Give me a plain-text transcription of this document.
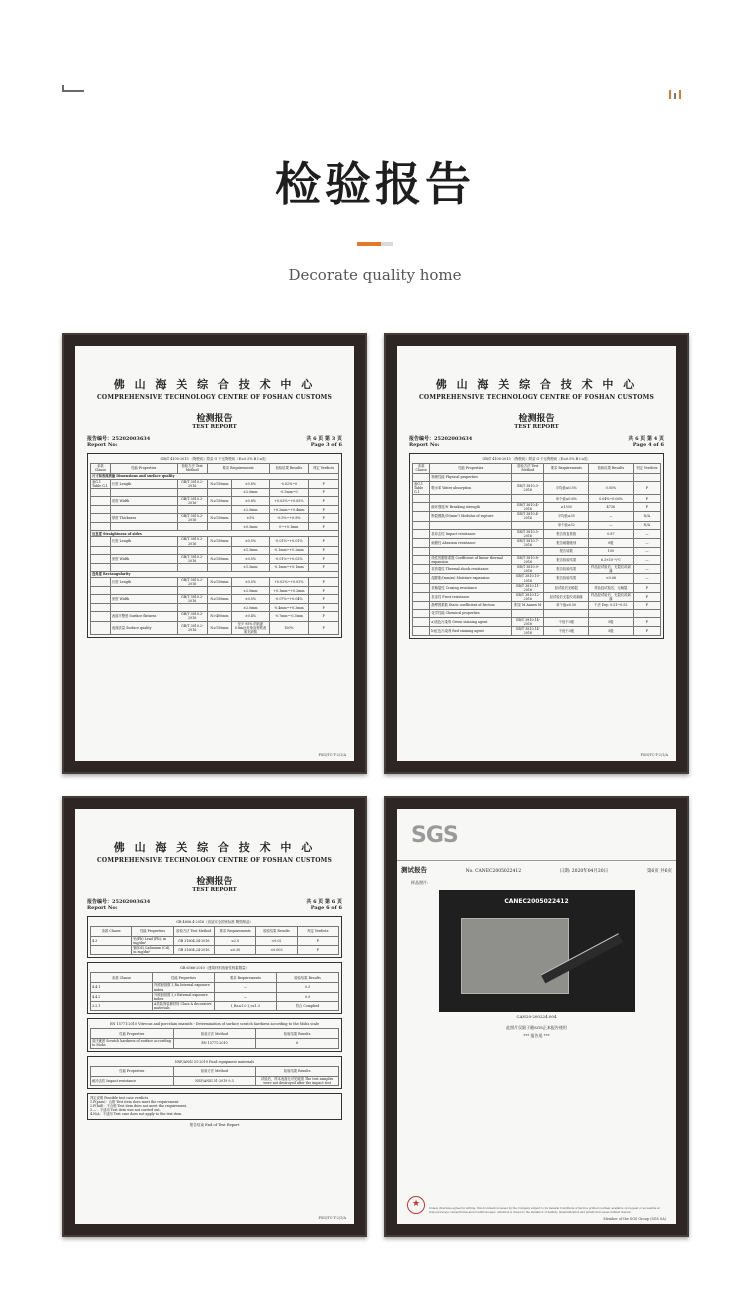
检验报告
Decorate quality home
佛 山 海 关 综 合 技 术 中 心
COMPREHENSIVE TECHNOLOGY CENTRE OF FOSHAN CUSTOMS
检测报告
TEST REPORT
报告编号：25202003634
Report No:
共 6 页 第 3 页
Page 3 of 6
GB/T 4100-2015 《陶瓷砖》附录 G 干压陶瓷砖（E≤0.5% B I a类）
条款 Clause	性能 Properties	检验方法 Test Method	要求 Requirements		检验结果 Results	判定 Verdicts
尺寸和表面质量 Dimensions and surface quality						
表G.1 Table G.1	长度 Length	GB/T 3810.2-2016	N≥150mm	±0.6%	-0.02%~0	P
				±2.0mm	-0.3mm~0	P
	宽度 Width	GB/T 3810.2-2016	N≥150mm	±0.6%	+0.03%~+0.05%	P
				±2.0mm	+0.2mm~+0.4mm	P
	厚度 Thickness	GB/T 3810.2-2016	N≥150mm	±5%	-0.5%~+0.8%	P
				±0.5mm	0~+0.1mm	P
边直度 Straightness of sides						
	长度 Length	GB/T 3810.2-2016	N≥150mm	±0.5%	-0.01%~+0.01%	P
				±1.5mm	-0.1mm~+0.2mm	P
	宽度 Width	GB/T 3810.2-2016	N≥150mm	±0.5%	-0.01%~+0.02%	P
				±1.5mm	-0.1mm~+0.1mm	P
直角度 Rectangularity						
	长度 Length	GB/T 3810.2-2016	N≥150mm	±0.5%	+0.02%~+0.03%	P
				±2.0mm	+0.1mm~+0.2mm	P
	宽度 Width	GB/T 3810.2-2016	N≥150mm	±0.5%	-0.07%~+0.04%	P
				±2.0mm	-0.4mm~+0.3mm	P
	表面平整度 Surface flatness	GB/T 3810.2-2016	N>400mm	±0.4%	-0.7mm~-0.3mm	P
	表面质量 Surface quality	GB/T 3810.2-2016	N≥150mm	至少 95% 的砖距0.8m远处垂直观察表面无缺陷	100%	P
FSIQTC-T-2/1/A
佛 山 海 关 综 合 技 术 中 心
COMPREHENSIVE TECHNOLOGY CENTRE OF FOSHAN CUSTOMS
检测报告
TEST REPORT
报告编号：25202003634
Report No:
共 6 页 第 4 页
Page 4 of 6
GB/T 4100-2015 《陶瓷砖》附录 G 干压陶瓷砖（E≤0.5% B I a类）
条款 Clause	性能 Properties	检验方法 Test Method	要求 Requirements	检验结果 Results	判定 Verdicts
	物理性能 Physical properties				
表G.1 Table G.1	吸水率 Water absorption	GB/T 3810.3-2016	平均值≤0.5%	0.05%	P
			单个值≤0.6%	0.04%~0.06%	P
	破坏强度/N Breaking strength	GB/T 3810.4-2016	≥1300	4736	P
	断裂模数/(N/mm²) Modulus of rupture	GB/T 3810.4-2016	平均值≥35	—	N/A
			单个值≥32	—	N/A
	抗冲击性 Impact resistance	GB/T 3810.5-2016	报告恢复系数	0.87	—
	耐磨性 Abrasion resistance	GB/T 3810.7-2016	报告耐磨级别	0级	—
			报告转数	100	—
	线性热膨胀系数 Coefficient of linear thermal expansion	GB/T 3810.8-2016	报告检验结果	6.3×10⁻⁶/℃	—
	抗热震性 Thermal shock resistance	GB/T 3810.9-2016	报告检验结果	样品经试验后，无裂纹或剥落	—
	湿膨胀/(mm/m) Moisture expansion	GB/T 3810.10-2016	报告检验结果	<0.06	—
	抗釉裂性 Crazing resistance	GB/T 3810.11-2016	经试验后无釉裂	样品经试验后，无釉裂	P
	抗冻性 Frost resistance	GB/T 3810.12-2016	经试验后无裂纹或剥落	样品经试验后，无裂纹或剥落	P
	静摩擦系数 Static coefficient of friction	附录 M Annex M	单个值≥0.50	干法 Dry: 0.51~0.52	P
	化学性能 Chemical properties				
	a)浅色污染剂 Green staining agent	GB/T 3810.14-2016	不低于3级	5级	P
	b)红色污染剂 Red staining agent	GB/T 3810.14-2016	不低于3级	5级	P
FSIQTC-T-2/1/A
佛 山 海 关 综 合 技 术 中 心
COMPREHENSIVE TECHNOLOGY CENTRE OF FOSHAN CUSTOMS
检测报告
TEST REPORT
报告编号：25202003634
Report No:
共 6 页 第 6 页
Page 6 of 6
GB 4806.4-2016《食品安全国家标准 陶瓷制品》
条款 Clause	性能 Properties	检验方法 Test Method	要求 Requirements	检验结果 Results	判定 Verdicts
4.3	铅(Pb) Lead (Pb), in mg/dm²	GB 31604.34-2016	≤2.0	<0.02	P
	镉(Cd) Cadmium (Cd), in mg/dm²	GB 31604.24-2016	≤0.30	<0.003	P
GB 6566-2010《建筑材料放射性核素限量》
条款 Clause	性能 Properties	要求 Requirements	检验结果 Results
4.4.1	内照射指数 I_Ra Internal exposure index	—	0.3
4.4.2	外照射指数 I_r External exposure index	—	0.9
3.2.1	A类装饰装修材料 Class A decorative materials	I_Ra≤1.0 I_r≤1.3	符合 Complied
EN 15771:2010 Vitreous and porcelain enamels - Determination of surface scratch hardness according to the Mohs scale
性能 Properties	检验方法 Method	检验结果 Results
莫氏硬度 Scratch hardness of surface according to Mohs	EN 15771:2010	6
NSF/ANSI 51-2019 Food equipment materials
性能 Properties	检验方法 Method	检验结果 Results
耐冲击性 Impact resistance	NSF/ANSI 51-2019 9.3	试验后，样本表面无可见破损 The test samples were not destroyed after the impact test
判定说明 Possible test case verdicts
1.P(pass)：合格 Test item does meet the requirement.
2.F(fail)：不合格 Test item does not meet the requirement.
3.—：不适用 Test item was not carried out.
4.N/A：不适用 Test case does not apply to the test item.
报告结束 End of Test Report
FSIQTC-T-2/1/A
SGS
测试报告	No. CANEC2005022412	日期: 2020年04月20日	第6页 共6页
样品照片:
CANEC2005022412
CAN20-200224.004
此照片仅限于随SGS正本报告使用
*** 报告尾 ***
★
Unless otherwise agreed in writing, this document is issued by the Company subject to its General Conditions of Service printed overleaf, available on request or accessible at http://www.sgs.com/en/Terms-and-Conditions.aspx. Attention is drawn to the limitation of liability, indemnification and jurisdiction issues defined therein.
Member of the SGS Group (SGS SA)
